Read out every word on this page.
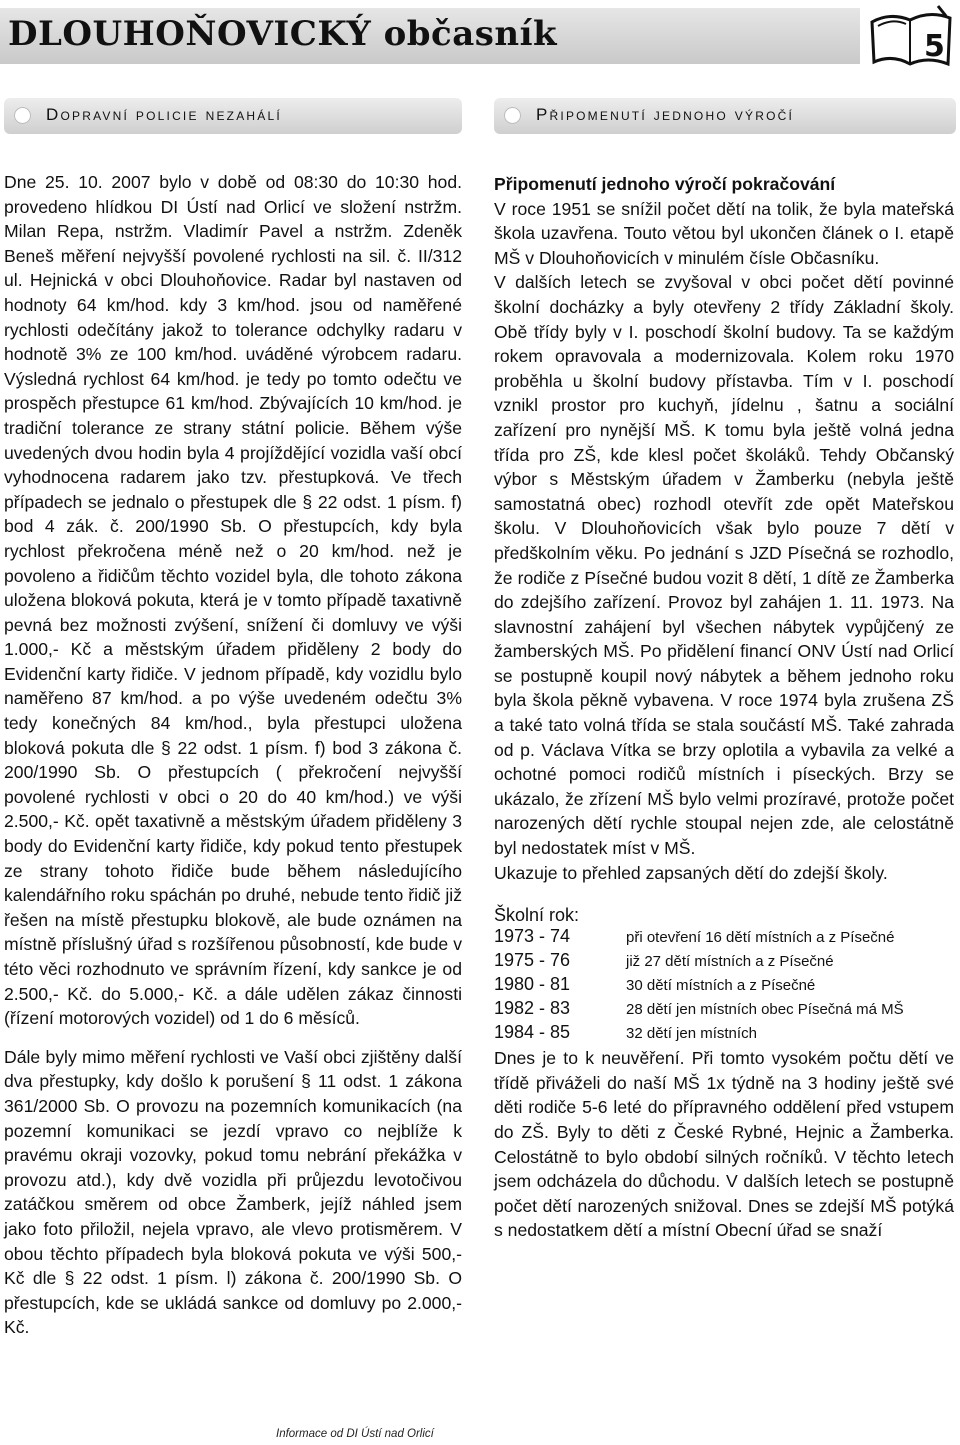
DLOUHOŇOVICKÝ občasník	5
Dopravní policie nezahálí	Připomenutí jednoho výročí

Dne 25. 10. 2007 bylo v době od 08:30 do 10:30 hod. provedeno hlídkou DI Ústí nad Orlicí ve složení nstržm. Milan Repa, nstržm. Vladimír Pavel a nstržm. Zdeněk Beneš měření nejvyšší povolené rychlosti na sil. č. II/312 ul. Hejnická v obci Dlouhoňovice. Radar byl nastaven od hodnoty 64 km/hod. kdy 3 km/hod. jsou od naměřené rychlosti odečítány jakož to tolerance odchylky radaru v hodnotě 3% ze 100 km/hod. uváděné výrobcem radaru. Výsledná rychlost 64 km/hod. je tedy po tomto odečtu ve prospěch přestupce 61 km/hod. Zbývajících 10 km/hod. je tradiční tolerance ze strany státní policie. Během výše uvedených dvou hodin byla 4 projíždějící vozidla vaší obcí vyhodnocena radarem jako tzv. přestupková. Ve třech případech se jednalo o přestupek dle § 22 odst. 1 písm. f) bod 4 zák. č. 200/1990 Sb. O přestupcích, kdy byla rychlost překročena méně než o 20 km/hod. než je povoleno a řidičům těchto vozidel byla, dle tohoto zákona uložena bloková pokuta, která je v tomto případě taxativně pevná bez možnosti zvýšení, snížení či domluvy ve výši 1.000,- Kč a městským úřadem přiděleny 2 body do Evidenční karty řidiče. V jednom případě, kdy vozidlu bylo naměřeno 87 km/hod. a po výše uvedeném odečtu 3% tedy konečných 84 km/hod., byla přestupci uložena bloková pokuta dle § 22 odst. 1 písm. f) bod 3 zákona č. 200/1990 Sb. O přestupcích ( překročení nejvyšší povolené rychlosti v obci o 20 do 40 km/hod.) ve výši 2.500,- Kč. opět taxativně a městským úřadem přiděleny 3 body do Evidenční karty řidiče, kdy pokud tento přestupek ze strany tohoto řidiče bude během následujícího kalendářního roku spáchán po druhé, nebude tento řidič již řešen na místě přestupku blokově, ale bude oznámen na místně příslušný úřad s rozšířenou působností, kde bude v této věci rozhodnuto ve správním řízení, kdy sankce je od 2.500,- Kč. do 5.000,- Kč. a dále udělen zákaz činnosti (řízení motorových vozidel) od 1 do 6 měsíců.

Dále byly mimo měření rychlosti ve Vaší obci zjištěny další dva přestupky, kdy došlo k porušení § 11 odst. 1 zákona 361/2000 Sb. O provozu na pozemních komunikacích (na pozemní komunikaci se jezdí vpravo co nejblíže k pravému okraji vozovky, pokud tomu nebrání překážka v provozu atd.), kdy dvě vozidla při průjezdu levotočivou zatáčkou směrem od obce Žamberk, jejíž náhled jsem jako foto přiložil, nejela vpravo, ale vlevo protisměrem. V obou těchto případech byla bloková pokuta ve výši 500,-Kč dle § 22 odst. 1 písm. l) zákona č. 200/1990 Sb. O přestupcích, kde se ukládá sankce od domluvy po 2.000,- Kč.

Připomenutí jednoho výročí pokračování

V roce 1951 se snížil počet dětí na tolik, že byla mateřská škola uzavřena. Touto větou byl ukončen článek o I. etapě MŠ v Dlouhoňovicích v minulém čísle Občasníku.

V dalších letech se zvyšoval v obci počet dětí povinné školní docházky a byly otevřeny 2 třídy Základní školy. Obě třídy byly v I. poschodí školní budovy. Ta se každým rokem opravovala a modernizovala. Kolem roku 1970 proběhla u školní budovy přístavba. Tím v I. poschodí vznikl prostor pro kuchyň, jídelnu , šatnu a sociální zařízení pro nynější MŠ. K tomu byla ještě volná jedna třída pro ZŠ, kde klesl počet školáků. Tehdy Občanský výbor s Městským úřadem v Žamberku (nebyla ještě samostatná obec) rozhodl otevřít zde opět Mateřskou školu. V Dlouhoňovicích však bylo pouze 7 dětí v předškolním věku. Po jednání s JZD Písečná se rozhodlo, že rodiče z Písečné budou vozit 8 dětí, 1 dítě ze Žamberka do zdejšího zařízení. Provoz byl zahájen 1. 11. 1973. Na slavnostní zahájení byl všechen nábytek vypůjčený ze žamberských MŠ. Po přidělení financí ONV Ústí nad Orlicí se postupně koupil nový nábytek a během jednoho roku byla škola pěkně vybavena. V roce 1974 byla zrušena ZŠ a také tato volná třída se stala součástí MŠ. Také zahrada od p. Václava Vítka se brzy oplotila a vybavila za velké a ochotné pomoci rodičů místních i píseckých. Brzy se ukázalo, že zřízení MŠ bylo velmi prozíravé, protože počet narozených dětí rychle stoupal nejen zde, ale celostátně byl nedostatek míst v MŠ.

Ukazuje to přehled zapsaných dětí do zdejší školy.

Školní rok:
1973 - 74	při otevření 16 dětí místních a z Písečné
1975 - 76	již 27 dětí místních a z Písečné
1980 - 81	30 dětí místních a z Písečné
1982 - 83	28 dětí jen místních obec Písečná má MŠ
1984 - 85	32 dětí jen místních

Dnes je to k neuvěření. Při tomto vysokém počtu dětí ve třídě přiváželi do naší MŠ 1x týdně na 3 hodiny ještě své děti rodiče 5-6 leté do přípravného oddělení před vstupem do ZŠ. Byly to děti z České Rybné, Hejnic a Žamberka. Celostátně to bylo období silných ročníků. V těchto letech jsem odcházela do důchodu. V dalších letech se postupně počet dětí narozených snižoval. Dnes se zdejší MŠ potýká s nedostatkem dětí a místní Obecní úřad se snaží

Informace od DI Ústí nad Orlicí
